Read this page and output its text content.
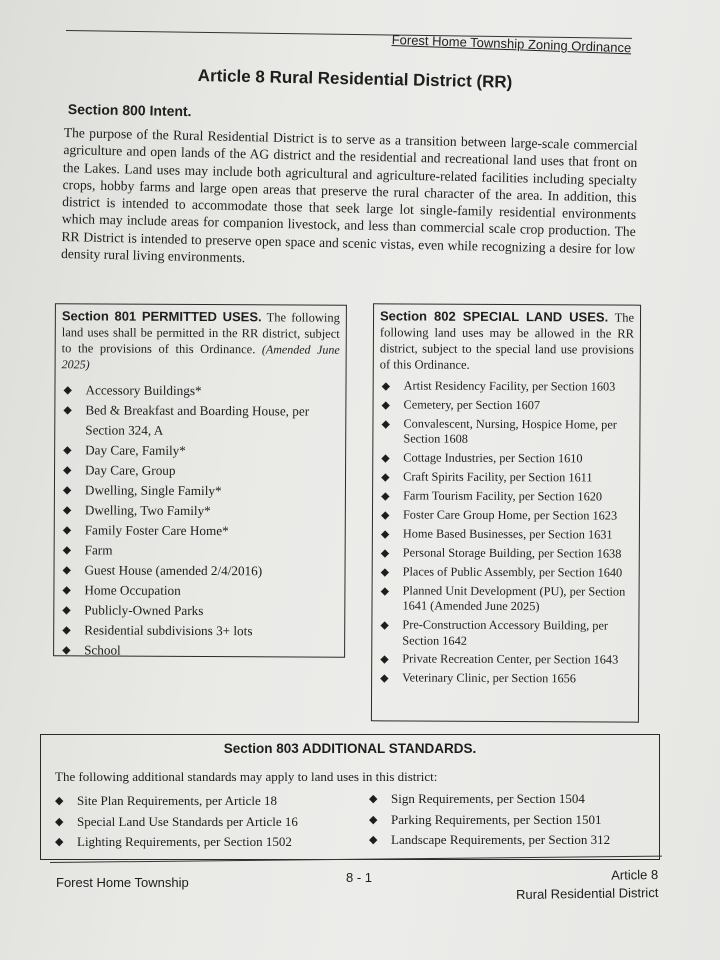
Forest Home Township Zoning Ordinance
Article 8 Rural Residential District (RR)
Section 800 Intent.

The purpose of the Rural Residential District is to serve as a transition between large-scale commercial agriculture and open lands of the AG district and the residential and recreational land uses that front on the Lakes. Land uses may include both agricultural and agriculture-related facilities including specialty crops, hobby farms and large open areas that preserve the rural character of the area. In addition, this district is intended to accommodate those that seek large lot single-family residential environments which may include areas for companion livestock, and less than commercial scale crop production. The RR District is intended to preserve open space and scenic vistas, even while recognizing a desire for low density rural living environments.

Section 801 PERMITTED USES. The following land uses shall be permitted in the RR district, subject to the provisions of this Ordinance. (Amended June 2025)

◆ Accessory Buildings*
◆ Bed & Breakfast and Boarding House, per Section 324, A
◆ Day Care, Family*
◆ Day Care, Group
◆ Dwelling, Single Family*
◆ Dwelling, Two Family*
◆ Family Foster Care Home*
◆ Farm
◆ Guest House (amended 2/4/2016)
◆ Home Occupation
◆ Publicly-Owned Parks
◆ Residential subdivisions 3+ lots
◆ School

Section 802 SPECIAL LAND USES. The following land uses may be allowed in the RR district, subject to the special land use provisions of this Ordinance.

◆ Artist Residency Facility, per Section 1603
◆ Cemetery, per Section 1607
◆ Convalescent, Nursing, Hospice Home, per Section 1608
◆ Cottage Industries, per Section 1610
◆ Craft Spirits Facility, per Section 1611
◆ Farm Tourism Facility, per Section 1620
◆ Foster Care Group Home, per Section 1623
◆ Home Based Businesses, per Section 1631
◆ Personal Storage Building, per Section 1638
◆ Places of Public Assembly, per Section 1640
◆ Planned Unit Development (PU), per Section 1641 (Amended June 2025)
◆ Pre-Construction Accessory Building, per Section 1642
◆ Private Recreation Center, per Section 1643
◆ Veterinary Clinic, per Section 1656
Section 803 ADDITIONAL STANDARDS.
The following additional standards may apply to land uses in this district:
◆ Site Plan Requirements, per Article 18
◆ Special Land Use Standards per Article 16
◆ Lighting Requirements, per Section 1502
◆ Sign Requirements, per Section 1504
◆ Parking Requirements, per Section 1501
◆ Landscape Requirements, per Section 312
Forest Home Township	8 - 1	Article 8
Rural Residential District
